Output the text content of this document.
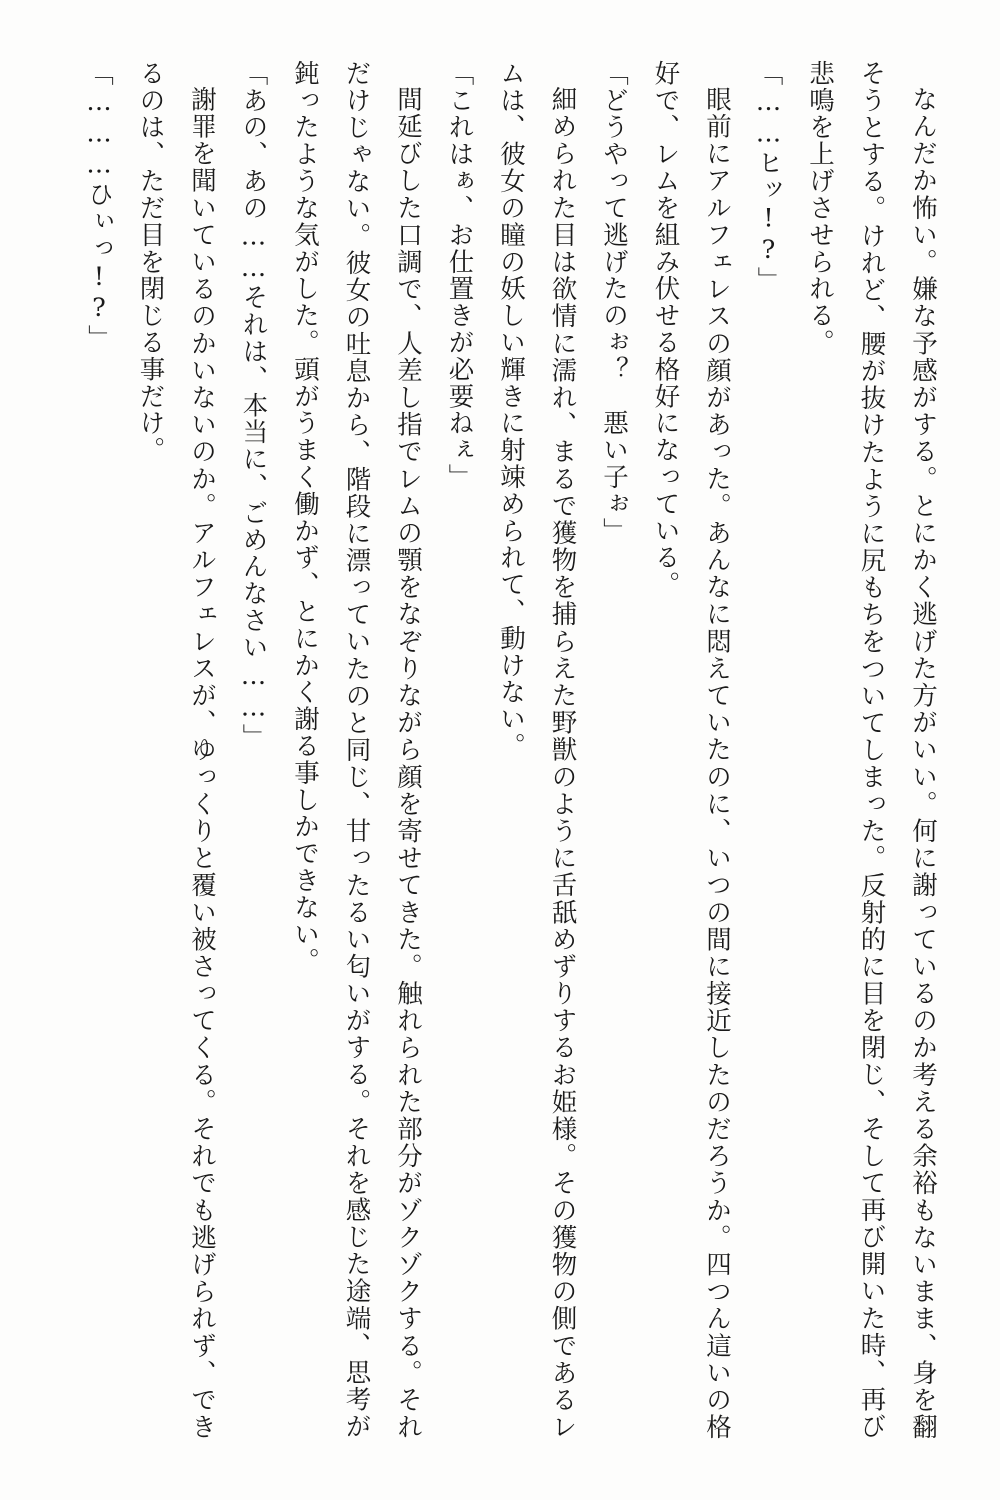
なんだか怖い。嫌な予感がする。とにかく逃げた方がいい。何に謝っているのか考える余裕もないまま、身を翻そうとする。けれど、腰が抜けたように尻もちをついてしまった。反射的に目を閉じ、そして再び開いた時、再び悲鳴を上げさせられる。

「……ヒッ!?」

眼前にアルフェレスの顔があった。あんなに悶えていたのに、いつの間に接近したのだろうか。四つん這いの格好で、レムを組み伏せる格好になっている。

「どうやって逃げたのぉ？　悪い子ぉ」

細められた目は欲情に濡れ、まるで獲物を捕らえた野獣のように舌舐めずりするお姫様。その獲物の側であるレムは、彼女の瞳の妖しい輝きに射竦められて、動けない。

「これはぁ、お仕置きが必要ねぇ」

間延びした口調で、人差し指でレムの顎をなぞりながら顔を寄せてきた。触れられた部分がゾクゾクする。それだけじゃない。彼女の吐息から、階段に漂っていたのと同じ、甘ったるい匂いがする。それを感じた途端、思考が鈍ったような気がした。頭がうまく働かず、とにかく謝る事しかできない。

「あの、あの……それは、本当に、ごめんなさい……」

謝罪を聞いているのかいないのか。アルフェレスが、ゆっくりと覆い被さってくる。それでも逃げられず、できるのは、ただ目を閉じる事だけ。

「………ひぃっ!?」
